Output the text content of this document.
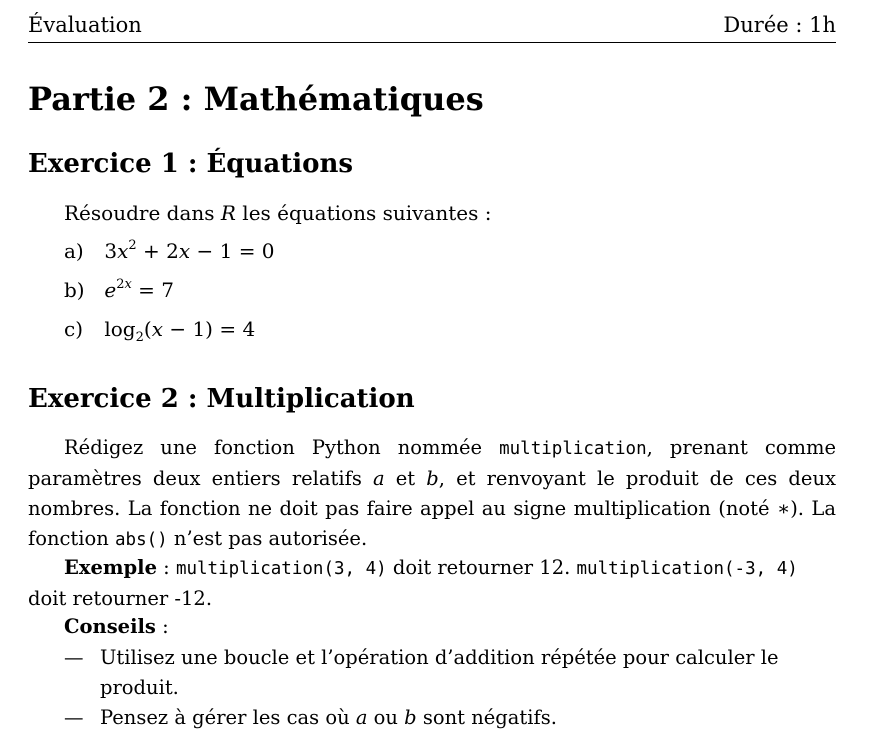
Évaluation	Durée : 1h
Partie 2 : Mathématiques
Exercice 1 : Équations
Résoudre dans R les équations suivantes :
a) $3x^2 + 2x - 1 = 0$
b) $e^{2x} = 7$
c) $\log_2(x - 1) = 4$
Exercice 2 : Multiplication

Rédigez une fonction Python nommée multiplication, prenant comme paramètres deux entiers relatifs a et b, et renvoyant le produit de ces deux nombres. La fonction ne doit pas faire appel au signe multiplication (noté ∗). La fonction abs() n’est pas autorisée.

Exemple : multiplication(3, 4) doit retourner 12. multiplication(-3, 4) doit retourner -12.

Conseils :
— Utilisez une boucle et l’opération d’addition répétée pour calculer le produit.
— Pensez à gérer les cas où a ou b sont négatifs.
